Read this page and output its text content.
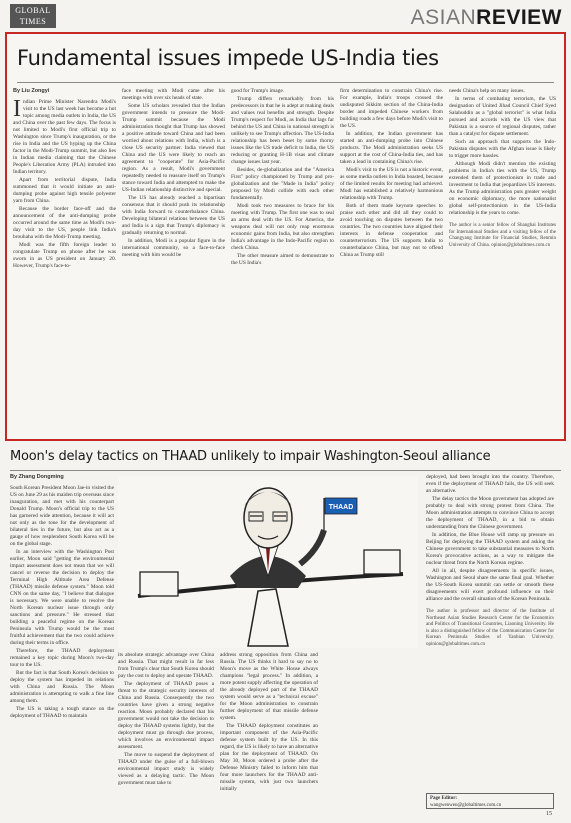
GLOBAL
TIMES	ASIANREVIEW
Fundamental issues impede US-India ties
By Liu Zongyi
I ndian Prime Minister Narendra Modi's visit to the US last week has become a hot topic among media outlets in India, the US and China over the past few days. The focus is not limited to Modi's first official trip to Washington since Trump's inauguration, or the rise in India and the US hyping up the China factor in the Modi-Trump summit, but also lies in Indian media claiming that the Chinese People's Liberation Army (PLA) intruded into Indian territory.

Apart from territorial dispute, India summoned that it would initiate an anti-dumping probe against high tensile polyester yarn from China.

Because the border face-off and the announcement of the anti-dumping probe occurred around the same time as Modi's two-day visit to the US, people link India's brouhaha with the Modi-Trump meeting.

Modi was the fifth foreign leader to congratulate Trump on phone after he was sworn in as US president on January 20. However, Trump's face-to-

face meeting with Modi came after his meetings with over six heads of state.

Some US scholars revealed that the Indian government intends to pressure the Modi-Trump summit because the Modi administration thought that Trump has showed a positive attitude toward China and had been worried about relations with India, which is a close US security partner. India viewed that China and the US were likely to reach an agreement to "cooperate" for Asia-Pacific region. As a result, Modi's government repeatedly needed to reassure itself on Trump's stance toward India and attempted to make the US-Indian relationship distinctive and special.

The US has already reached a bipartisan consensus that it should push its relationship with India forward to counterbalance China. Developing bilateral relations between the US and India is a sign that Trump's diplomacy is gradually returning to normal.

In addition, Modi is a popular figure in the international community, so a face-to-face meeting with him would be

good for Trump's image.

Trump differs remarkably from his predecessors in that he is adept at making deals and values real benefits and strength. Despite Trump's respect for Modi, as India that lags far behind the US and China in national strength is unlikely to see Trump's affection. The US-India relationship has been beset by some thorny issues like the US trade deficit to India, the US reducing or granting H-1B visas and climate change issues last year.

Besides, de-globalization and the "America First" policy championed by Trump and pro-globalization and the "Made in India" policy proposed by Modi collide with each other fundamentally.

Modi took two measures to brace for his meeting with Trump. The first one was to seal an arms deal with the US. For America, the weapons deal will not only reap enormous economic gains from India, but also strengthen India's advantage in the Indo-Pacific region to check China.

The other measure aimed to demonstrate to the US India's

firm determination to constrain China's rise. For example, India's troops crossed the undisputed Sikkim section of the China-India border and impeded Chinese workers from building roads a few days before Modi's visit to the US.

In addition, the Indian government has started an anti-dumping probe into Chinese products. The Modi administration seeks US support at the cost of China-India ties, and has taken a lead in containing China's rise.

Modi's visit to the US is not a historic event, as some media outlets in India boasted, because of the limited results for meeting had achieved. Modi has established a relatively harmonious relationship with Trump.

Both of them made keynote speeches to praise each other and did all they could to avoid touching on disputes between the two countries. The two countries have aligned their interests in defense cooperation and counterterrorism. The US supports India to counterbalance China, but may not to offend China as Trump still

needs China's help on many issues.

In terms of combating terrorism, the US designation of United Jihad Council Chief Syed Salahuddin as a "global terrorist" is what India pursued and accords with the US view that Pakistan is a source of regional disputes, rather than a catalyst for dispute settlement.

Such an approach that supports the Indo-Pakistan disputes with the Afghan issue is likely to trigger more hassles.

Although Modi didn't mention the existing problems in India's ties with the US, Trump extended them of protectionism in trade and investment to India that jeopardizes US interests. As the Trump administration puts greater weight on economic diplomacy, the more nationalist global self-protectionism in the US-India relationship is the years to come.

The author is a senior fellow of Shanghai Institutes for International Studies and a visiting fellow of the Changyang Institute for Financial Studies, Renmin University of China. opinion@globaltimes.com.cn
Moon's delay tactics on THAAD unlikely to impair Washington-Seoul alliance
By Zhang Dongming

South Korean President Moon Jae-in visited the US on June 29 as his maiden trip overseas since inauguration, and met with his counterpart Donald Trump. Moon's official trip to the US has garnered wide attention, because it will act not only as the tone for the development of bilateral ties in the future, but also act as a gauge of how resplendent South Korea will be on the global stage.

In an interview with the Washington Post earlier, Moon said "getting the environmental impact assessment does not mean that we will cancel or reverse the decision to deploy the Terminal High Altitude Area Defense (THAAD) missile defense system." Moon told CNN on the same day, "I believe that dialogue is necessary. We were unable to resolve the North Korean nuclear issue through only sanctions and pressure." He stressed that building a peaceful regime on the Korean Peninsula with Trump would be the most fruitful achievement that the two could achieve during their terms in office.

Therefore, the THAAD deployment remained a key topic during Moon's two-day tour to the US.

But the fact is that South Korea's decision to deploy the system has impeded its relations with China and Russia. The Moon administration is attempting to walk a fine line among them.

The US is taking a tough stance on the deployment of THAAD to maintain

THAAD

its absolute strategic advantage over China and Russia. That might result in far less from Trump's clear that South Korea should pay the cost to deploy and operate THAAD.

The deployment of THAAD poses a threat to the strategic security interests of China and Russia. Consequently the two countries have given a strong negative reaction. Moon probably declared that his government would not take the decision to deploy the THAAD systems lightly, but the deployment must go through due process, which involves an environmental impact assessment.

The move to suspend the deployment of THAAD under the guise of a full-blown environmental impact study is widely viewed as a delaying tactic. The Moon government must take to

address strong opposition from China and Russia. The US thinks it hard to say no to Moon's move as the White House always champions "legal process." In addition, a more potent supply affecting the operation of the already deployed part of the THAAD system would serve as a "technical excuse" for the Moon administration to constrain further deployment of that missile defense system.

The THAAD deployment constitutes an important component of the Asia-Pacific defense system built by the US. In this regard, the US is likely to have an alternative plan for the deployment of THAAD. On May 30, Moon ordered a probe after the Defense Ministry failed to inform him that four more launchers for the THAAD anti-missile system, with just two launchers initially

deployed, had been brought into the country. Therefore, even if the deployment of THAAD fails, the US will seek an alternative.

The delay tactics the Moon government has adopted are probably to deal with strong protest from China. The Moon administration attempts to convince China to accept the deployment of THAAD, in a bid to obtain understanding from the Chinese government.

In addition, the Blue House will ramp up pressure on Beijing for deploying the THAAD system and asking the Chinese government to take substantial measures to North Korea's provocative actions, as a way to mitigate the nuclear threat from the North Korean regime.

All in all, despite disagreements in specific issues, Washington and Seoul share the same final goal. Whether the US-South Korea summit can settle or smooth these disagreements will exert profound influence on their alliance and the overall situation of the Korean Peninsula.

The author is professor and director of the Institute of Northeast Asian Studies Research Center for the Economics and Politics of Transitional Countries, Liaoning University. He is also a distinguished fellow of the Communication Center for Korean Peninsula Studies of Yanbian University. opinion@globaltimes.com.cn
Page Editor:
wangwenwen@globaltimes.com.cn
15
